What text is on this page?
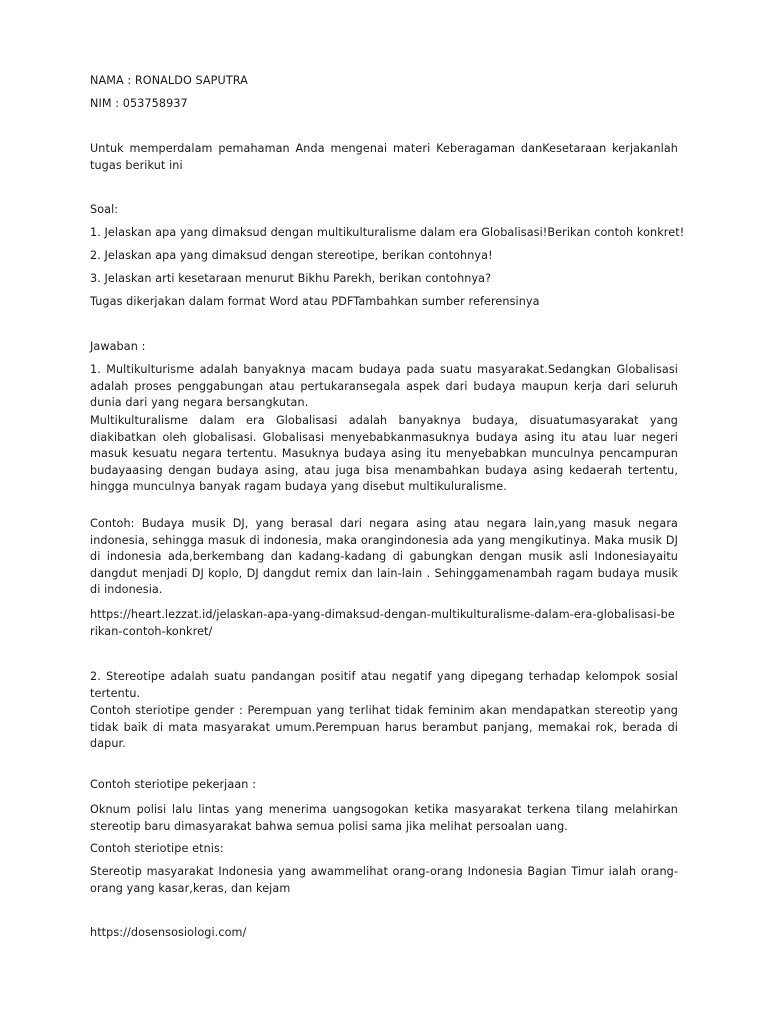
NAMA : RONALDO SAPUTRA

NIM : 053758937

Untuk memperdalam pemahaman Anda mengenai materi Keberagaman danKesetaraan kerjakanlah tugas berikut ini

Soal:

1. Jelaskan apa yang dimaksud dengan multikulturalisme dalam era Globalisasi!Berikan contoh konkret!

2. Jelaskan apa yang dimaksud dengan stereotipe, berikan contohnya!

3. Jelaskan arti kesetaraan menurut Bikhu Parekh, berikan contohnya?

Tugas dikerjakan dalam format Word atau PDFTambahkan sumber referensinya

Jawaban :

1. Multikulturisme adalah banyaknya macam budaya pada suatu masyarakat.Sedangkan Globalisasi adalah proses penggabungan atau pertukaransegala aspek dari budaya maupun kerja dari seluruh dunia dari yang negara bersangkutan.

Multikulturalisme dalam era Globalisasi adalah banyaknya budaya, disuatumasyarakat yang diakibatkan oleh globalisasi. Globalisasi menyebabkanmasuknya budaya asing itu atau luar negeri masuk kesuatu negara tertentu. Masuknya budaya asing itu menyebabkan munculnya pencampuran budayaasing dengan budaya asing, atau juga bisa menambahkan budaya asing kedaerah tertentu, hingga munculnya banyak ragam budaya yang disebut multikuluralisme.

Contoh: Budaya musik DJ, yang berasal dari negara asing atau negara lain,yang masuk negara indonesia, sehingga masuk di indonesia, maka orangindonesia ada yang mengikutinya. Maka musik DJ di indonesia ada,berkembang dan kadang-kadang di gabungkan dengan musik asli Indonesiayaitu dangdut menjadi DJ koplo, DJ dangdut remix dan lain-lain . Sehinggamenambah ragam budaya musik di indonesia.

https://heart.lezzat.id/jelaskan-apa-yang-dimaksud-dengan-multikulturalisme-dalam-era-globalisasi-berikan-contoh-konkret/

2. Stereotipe adalah suatu pandangan positif atau negatif yang dipegang terhadap kelompok sosial tertentu.

Contoh steriotipe gender : Perempuan yang terlihat tidak feminim akan mendapatkan stereotip yang tidak baik di mata masyarakat umum.Perempuan harus berambut panjang, memakai rok, berada di dapur.

Contoh steriotipe pekerjaan :

Oknum polisi lalu lintas yang menerima uangsogokan ketika masyarakat terkena tilang melahirkan stereotip baru dimasyarakat bahwa semua polisi sama jika melihat persoalan uang.

Contoh steriotipe etnis:

Stereotip masyarakat Indonesia yang awammelihat orang-orang Indonesia Bagian Timur ialah orang-orang yang kasar,keras, dan kejam

https://dosensosiologi.com/
